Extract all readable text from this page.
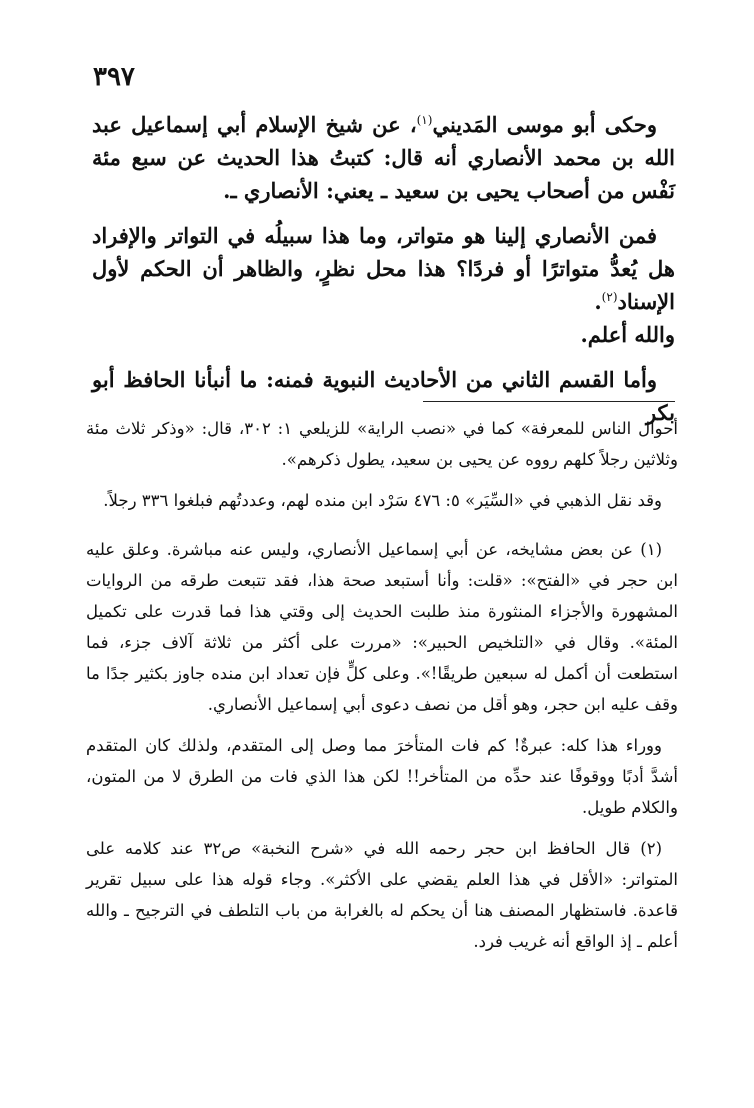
٣٩٧

وحكى أبو موسى المَديني$^{(١)}$، عن شيخ الإسلام أبي إسماعيل عبد الله بن محمد الأنصاري أنه قال: كتبتُ هذا الحديث عن سبع مئة نَفْس من أصحاب يحيى بن سعيد ـ يعني: الأنصاري ـ.

فمن الأنصاري إلينا هو متواتر، وما هذا سبيلُه في التواتر والإفراد هل يُعدُّ متواترًا أو فردًا؟ هذا محل نظرٍ، والظاهر أن الحكم لأول الإسناد$^{(٢)}$.

والله أعلم.

وأما القسم الثاني من الأحاديث النبوية فمنه: ما أنبأنا الحافظ أبو بكر

أحوال الناس للمعرفة» كما في «نصب الراية» للزيلعي ١: ٣٠٢، قال: «وذكر ثلاث مئة وثلاثين رجلاً كلهم رووه عن يحيى بن سعيد، يطول ذكرهم».

وقد نقل الذهبي في «السِّيَر» ٥: ٤٧٦ سَرْد ابن منده لهم، وعددتُهم فبلغوا ٣٣٦ رجلاً.

(١) عن بعض مشايخه، عن أبي إسماعيل الأنصاري، وليس عنه مباشرة. وعلق عليه ابن حجر في «الفتح»: «قلت: وأنا أستبعد صحة هذا، فقد تتبعت طرقه من الروايات المشهورة والأجزاء المنثورة منذ طلبت الحديث إلى وقتي هذا فما قدرت على تكميل المئة». وقال في «التلخيص الحبير»: «مررت على أكثر من ثلاثة آلاف جزء، فما استطعت أن أكمل له سبعين طريقًا!». وعلى كلٍّ فإن تعداد ابن منده جاوز بكثير جدًا ما وقف عليه ابن حجر، وهو أقل من نصف دعوى أبي إسماعيل الأنصاري.

ووراء هذا كله: عبرةٌ! كم فات المتأخرَ مما وصل إلى المتقدم، ولذلك كان المتقدم أشدَّ أدبًا ووقوفًا عند حدِّه من المتأخر!! لكن هذا الذي فات من الطرق لا من المتون، والكلام طويل.

(٢) قال الحافظ ابن حجر رحمه الله في «شرح النخبة» ص٣٢ عند كلامه على المتواتر: «الأقل في هذا العلم يقضي على الأكثر». وجاء قوله هذا على سبيل تقرير قاعدة. فاستظهار المصنف هنا أن يحكم له بالغرابة من باب التلطف في الترجيح ـ والله أعلم ـ إذ الواقع أنه غريب فرد.
